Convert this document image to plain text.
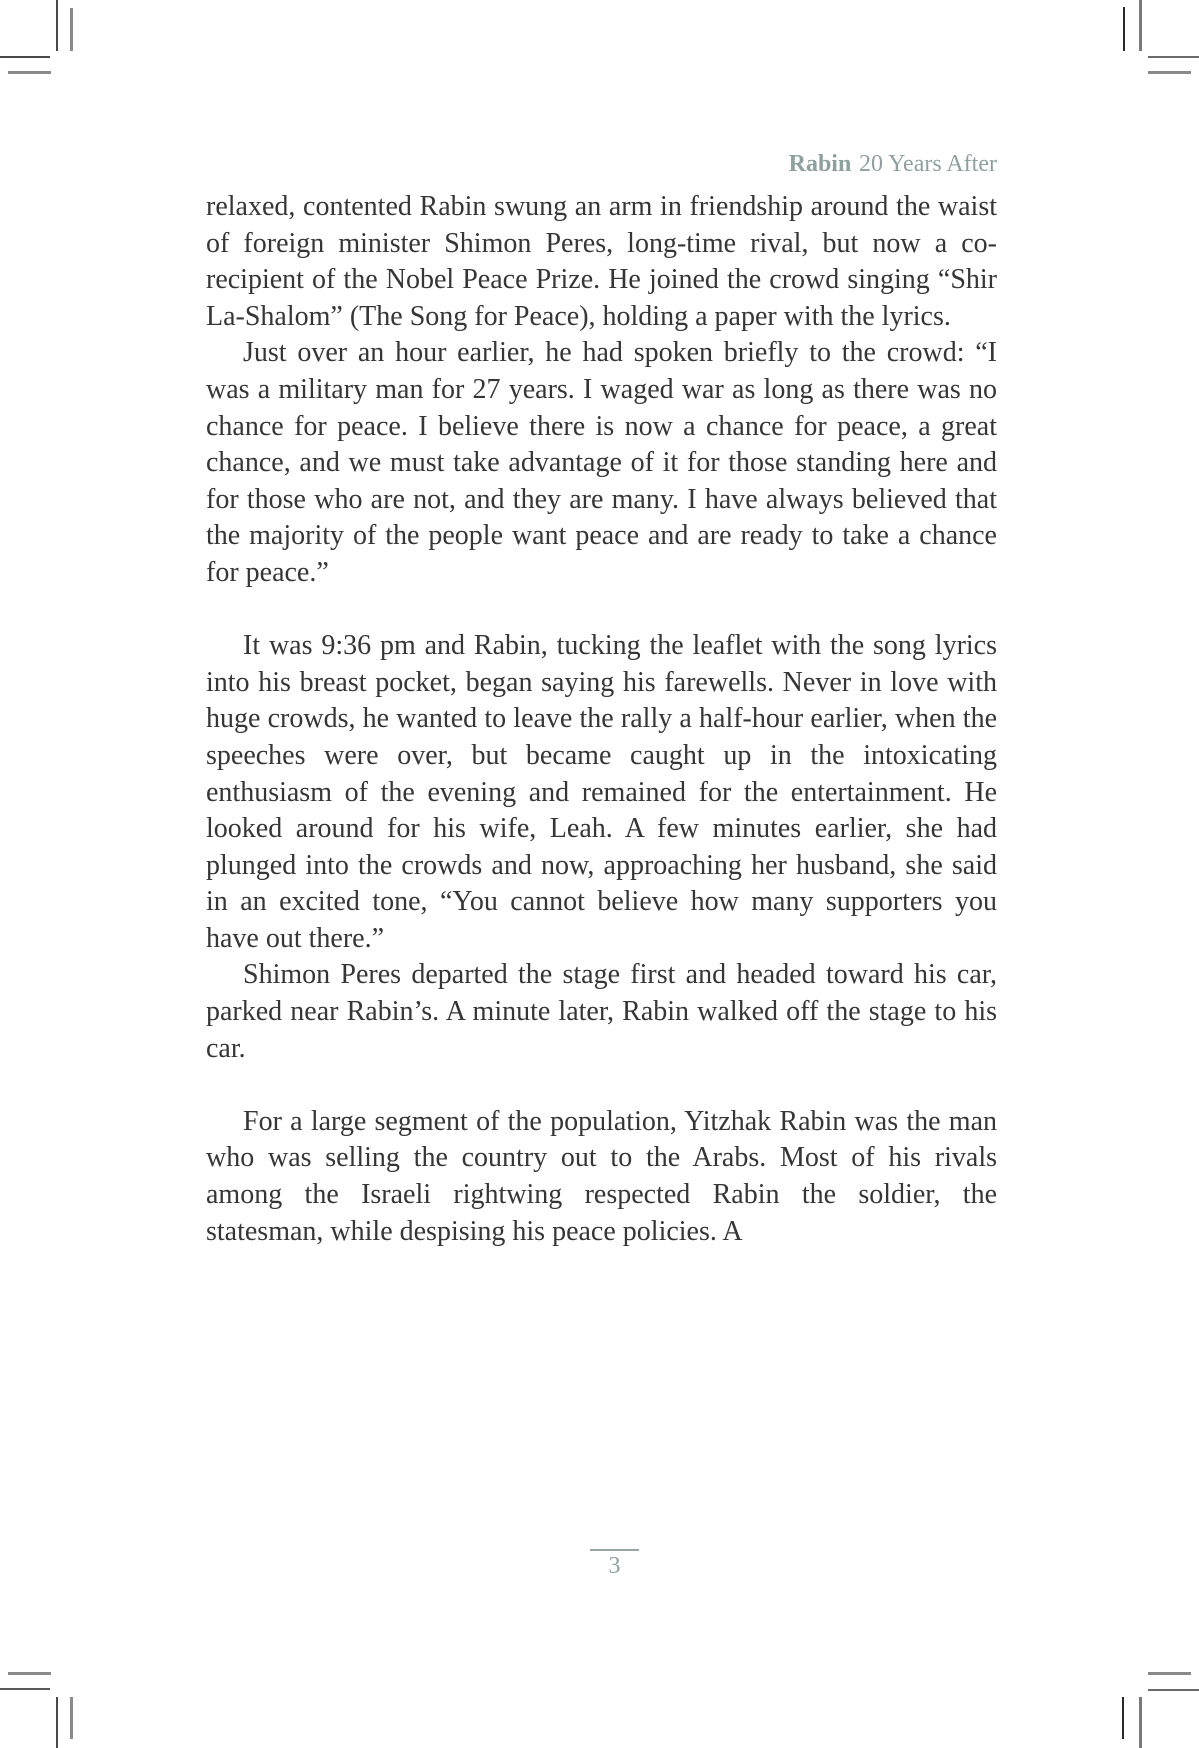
Rabin 20 Years After

relaxed, contented Rabin swung an arm in friendship around the waist of foreign minister Shimon Peres, long-time rival, but now a co-recipient of the Nobel Peace Prize. He joined the crowd singing “Shir La-Shalom” (The Song for Peace), holding a paper with the lyrics.

Just over an hour earlier, he had spoken briefly to the crowd: “I was a military man for 27 years. I waged war as long as there was no chance for peace. I believe there is now a chance for peace, a great chance, and we must take advantage of it for those standing here and for those who are not, and they are many. I have always believed that the majority of the people want peace and are ready to take a chance for peace.”

It was 9:36 pm and Rabin, tucking the leaflet with the song lyrics into his breast pocket, began saying his farewells. Never in love with huge crowds, he wanted to leave the rally a half-hour earlier, when the speeches were over, but became caught up in the intoxicating enthusiasm of the evening and remained for the entertainment. He looked around for his wife, Leah. A few minutes earlier, she had plunged into the crowds and now, approaching her husband, she said in an excited tone, “You cannot believe how many supporters you have out there.”

Shimon Peres departed the stage first and headed toward his car, parked near Rabin’s. A minute later, Rabin walked off the stage to his car.

For a large segment of the population, Yitzhak Rabin was the man who was selling the country out to the Arabs. Most of his rivals among the Israeli rightwing respected Rabin the soldier, the statesman, while despising his peace policies. A

3
